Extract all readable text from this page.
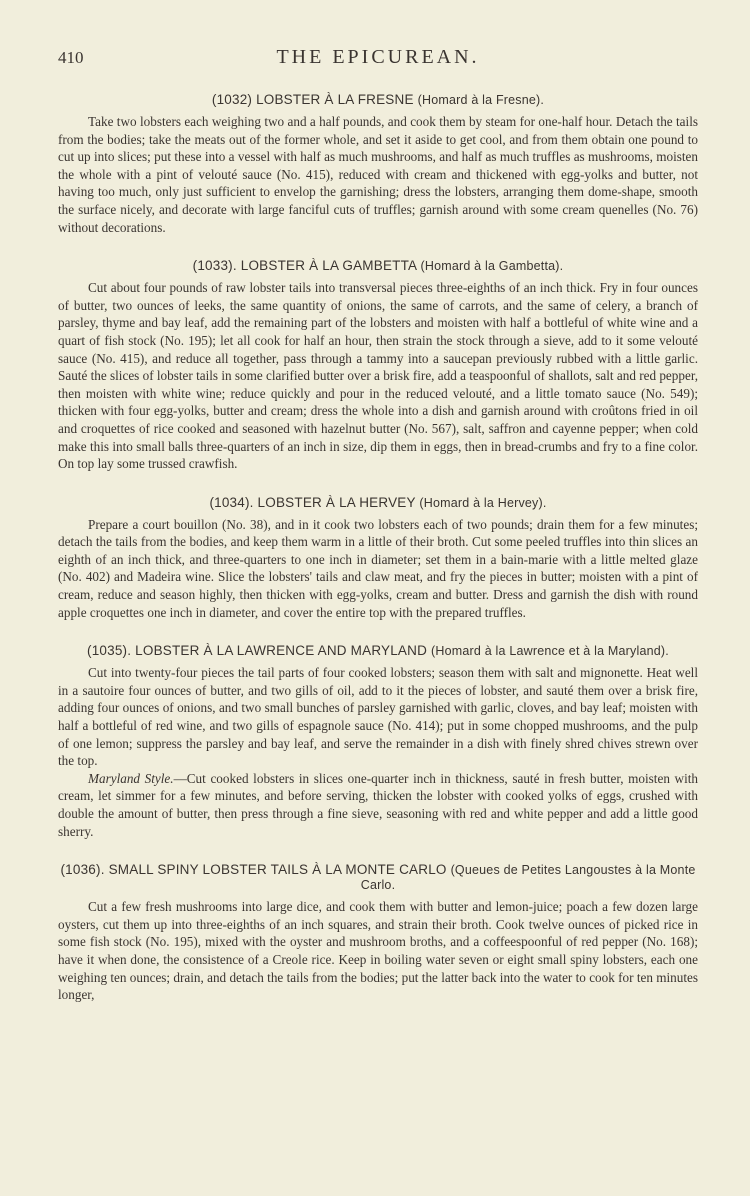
410	THE EPICUREAN.
(1032) LOBSTER À LA FRESNE (Homard à la Fresne).

Take two lobsters each weighing two and a half pounds, and cook them by steam for one-half hour. Detach the tails from the bodies; take the meats out of the former whole, and set it aside to get cool, and from them obtain one pound to cut up into slices; put these into a vessel with half as much mushrooms, and half as much truffles as mushrooms, moisten the whole with a pint of velouté sauce (No. 415), reduced with cream and thickened with egg-yolks and butter, not having too much, only just sufficient to envelop the garnishing; dress the lobsters, arranging them dome-shape, smooth the surface nicely, and decorate with large fanciful cuts of truffles; garnish around with some cream quenelles (No. 76) without decorations.

(1033). LOBSTER À LA GAMBETTA (Homard à la Gambetta).

Cut about four pounds of raw lobster tails into transversal pieces three-eighths of an inch thick. Fry in four ounces of butter, two ounces of leeks, the same quantity of onions, the same of carrots, and the same of celery, a branch of parsley, thyme and bay leaf, add the remaining part of the lobsters and moisten with half a bottleful of white wine and a quart of fish stock (No. 195); let all cook for half an hour, then strain the stock through a sieve, add to it some velouté sauce (No. 415), and reduce all together, pass through a tammy into a saucepan previously rubbed with a little garlic. Sauté the slices of lobster tails in some clarified butter over a brisk fire, add a teaspoonful of shallots, salt and red pepper, then moisten with white wine; reduce quickly and pour in the reduced velouté, and a little tomato sauce (No. 549); thicken with four egg-yolks, butter and cream; dress the whole into a dish and garnish around with croûtons fried in oil and croquettes of rice cooked and seasoned with hazelnut butter (No. 567), salt, saffron and cayenne pepper; when cold make this into small balls three-quarters of an inch in size, dip them in eggs, then in bread-crumbs and fry to a fine color. On top lay some trussed crawfish.

(1034). LOBSTER À LA HERVEY (Homard à la Hervey).

Prepare a court bouillon (No. 38), and in it cook two lobsters each of two pounds; drain them for a few minutes; detach the tails from the bodies, and keep them warm in a little of their broth. Cut some peeled truffles into thin slices an eighth of an inch thick, and three-quarters to one inch in diameter; set them in a bain-marie with a little melted glaze (No. 402) and Madeira wine. Slice the lobsters' tails and claw meat, and fry the pieces in butter; moisten with a pint of cream, reduce and season highly, then thicken with egg-yolks, cream and butter. Dress and garnish the dish with round apple croquettes one inch in diameter, and cover the entire top with the prepared truffles.

(1035). LOBSTER À LA LAWRENCE AND MARYLAND (Homard à la Lawrence et à la Maryland).

Cut into twenty-four pieces the tail parts of four cooked lobsters; season them with salt and mignonette. Heat well in a sautoire four ounces of butter, and two gills of oil, add to it the pieces of lobster, and sauté them over a brisk fire, adding four ounces of onions, and two small bunches of parsley garnished with garlic, cloves, and bay leaf; moisten with half a bottleful of red wine, and two gills of espagnole sauce (No. 414); put in some chopped mushrooms, and the pulp of one lemon; suppress the parsley and bay leaf, and serve the remainder in a dish with finely shred chives strewn over the top.

Maryland Style.—Cut cooked lobsters in slices one-quarter inch in thickness, sauté in fresh butter, moisten with cream, let simmer for a few minutes, and before serving, thicken the lobster with cooked yolks of eggs, crushed with double the amount of butter, then press through a fine sieve, seasoning with red and white pepper and add a little good sherry.

(1036). SMALL SPINY LOBSTER TAILS À LA MONTE CARLO (Queues de Petites Langoustes à la Monte Carlo.

Cut a few fresh mushrooms into large dice, and cook them with butter and lemon-juice; poach a few dozen large oysters, cut them up into three-eighths of an inch squares, and strain their broth. Cook twelve ounces of picked rice in some fish stock (No. 195), mixed with the oyster and mushroom broths, and a coffeespoonful of red pepper (No. 168); have it when done, the consistence of a Creole rice. Keep in boiling water seven or eight small spiny lobsters, each one weighing ten ounces; drain, and detach the tails from the bodies; put the latter back into the water to cook for ten minutes longer,
